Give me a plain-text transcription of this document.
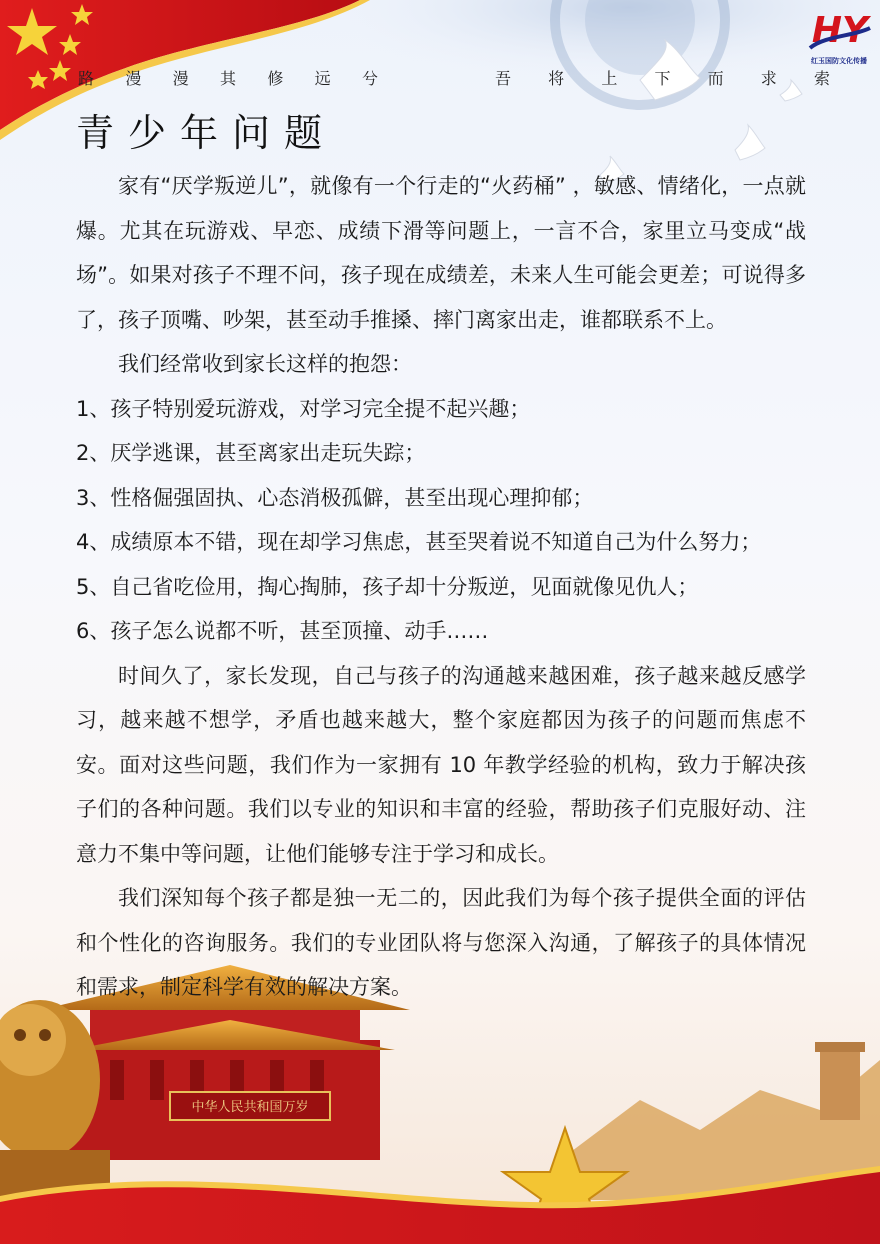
中华人民共和国万岁
HY
红玉国防文化传播
路 漫 漫 其 修 远 兮	吾 将 上 下 而 求 索
青少年问题

家有“厌学叛逆儿”，就像有一个行走的“火药桶” ，敏感、情绪化，一点就爆。尤其在玩游戏、早恋、成绩下滑等问题上，一言不合，家里立马变成“战场”。如果对孩子不理不问，孩子现在成绩差，未来人生可能会更差；可说得多了，孩子顶嘴、吵架，甚至动手推搡、摔门离家出走，谁都联系不上。

我们经常收到家长这样的抱怨：

1、孩子特别爱玩游戏，对学习完全提不起兴趣；

2、厌学逃课，甚至离家出走玩失踪；

3、性格倔强固执、心态消极孤僻，甚至出现心理抑郁；

4、成绩原本不错，现在却学习焦虑，甚至哭着说不知道自己为什么努力；

5、自己省吃俭用，掏心掏肺，孩子却十分叛逆，见面就像见仇人；

6、孩子怎么说都不听，甚至顶撞、动手……

时间久了，家长发现，自己与孩子的沟通越来越困难，孩子越来越反感学习，越来越不想学，矛盾也越来越大，整个家庭都因为孩子的问题而焦虑不安。面对这些问题，我们作为一家拥有 10 年教学经验的机构，致力于解决孩子们的各种问题。我们以专业的知识和丰富的经验，帮助孩子们克服好动、注意力不集中等问题，让他们能够专注于学习和成长。

我们深知每个孩子都是独一无二的，因此我们为每个孩子提供全面的评估和个性化的咨询服务。我们的专业团队将与您深入沟通，了解孩子的具体情况和需求，制定科学有效的解决方案。
